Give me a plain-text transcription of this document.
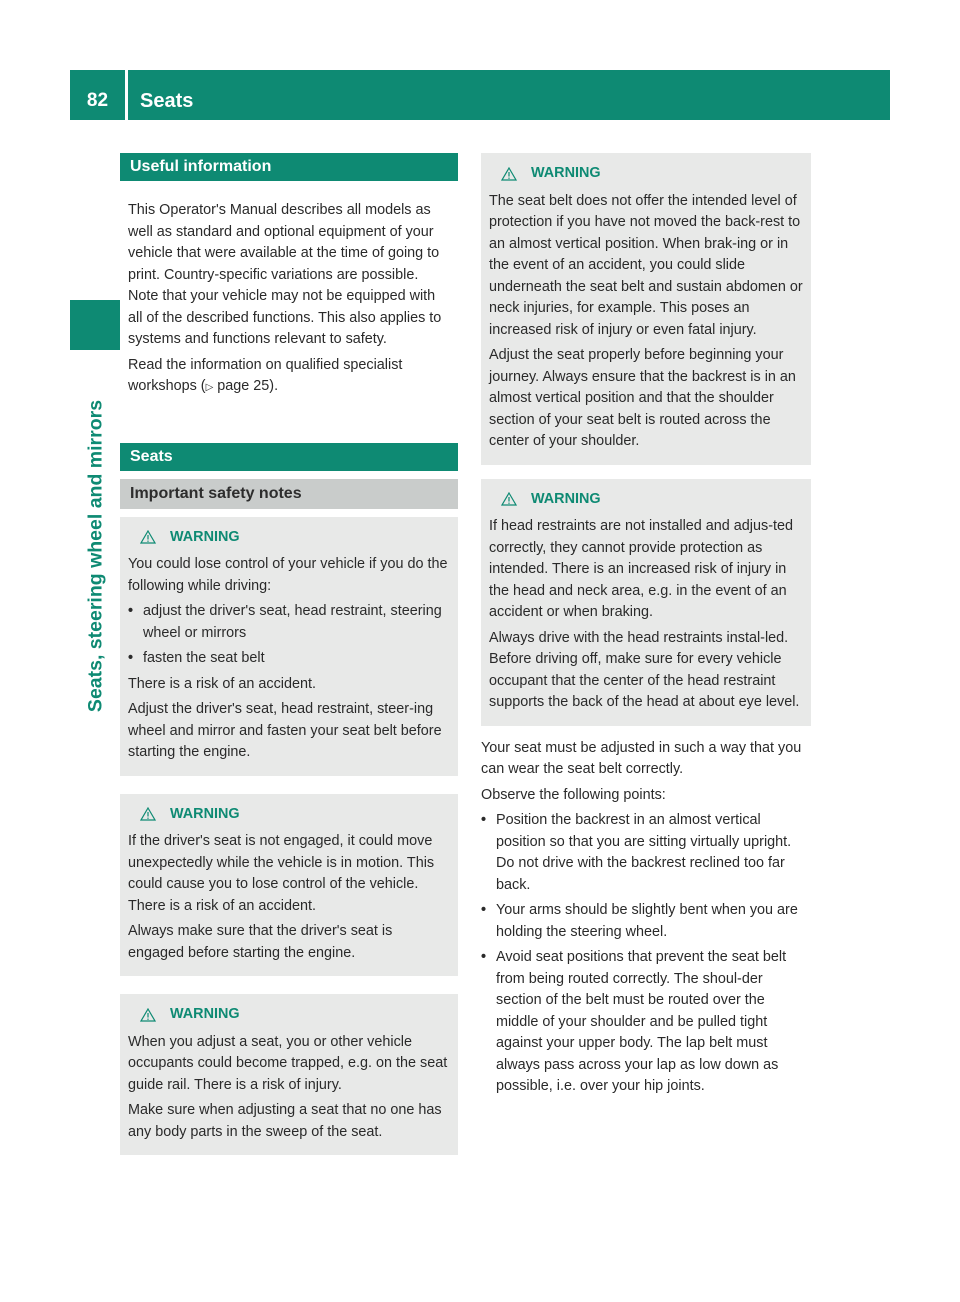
82	Seats
Seats, steering wheel and mirrors
Useful information

This Operator's Manual describes all models as well as standard and optional equipment of your vehicle that were available at the time of going to print. Country-specific variations are possible. Note that your vehicle may not be equipped with all of the described functions. This also applies to systems and functions relevant to safety.

Read the information on qualified specialist workshops (▷ page 25).

Seats
Important safety notes
WARNING

You could lose control of your vehicle if you do the following while driving:

• adjust the driver's seat, head restraint, steering wheel or mirrors
• fasten the seat belt

There is a risk of an accident.

Adjust the driver's seat, head restraint, steer-ing wheel and mirror and fasten your seat belt before starting the engine.

WARNING

If the driver's seat is not engaged, it could move unexpectedly while the vehicle is in motion. This could cause you to lose control of the vehicle. There is a risk of an accident.

Always make sure that the driver's seat is engaged before starting the engine.

WARNING

When you adjust a seat, you or other vehicle occupants could become trapped, e.g. on the seat guide rail. There is a risk of injury.

Make sure when adjusting a seat that no one has any body parts in the sweep of the seat.

WARNING

The seat belt does not offer the intended level of protection if you have not moved the back-rest to an almost vertical position. When brak-ing or in the event of an accident, you could slide underneath the seat belt and sustain abdomen or neck injuries, for example. This poses an increased risk of injury or even fatal injury.

Adjust the seat properly before beginning your journey. Always ensure that the backrest is in an almost vertical position and that the shoulder section of your seat belt is routed across the center of your shoulder.

WARNING

If head restraints are not installed and adjus-ted correctly, they cannot provide protection as intended. There is an increased risk of injury in the head and neck area, e.g. in the event of an accident or when braking.

Always drive with the head restraints instal-led. Before driving off, make sure for every vehicle occupant that the center of the head restraint supports the back of the head at about eye level.

Your seat must be adjusted in such a way that you can wear the seat belt correctly.

Observe the following points:

• Position the backrest in an almost vertical position so that you are sitting virtually upright. Do not drive with the backrest reclined too far back.
• Your arms should be slightly bent when you are holding the steering wheel.
• Avoid seat positions that prevent the seat belt from being routed correctly. The shoul-der section of the belt must be routed over the middle of your shoulder and be pulled tight against your upper body. The lap belt must always pass across your lap as low down as possible, i.e. over your hip joints.
